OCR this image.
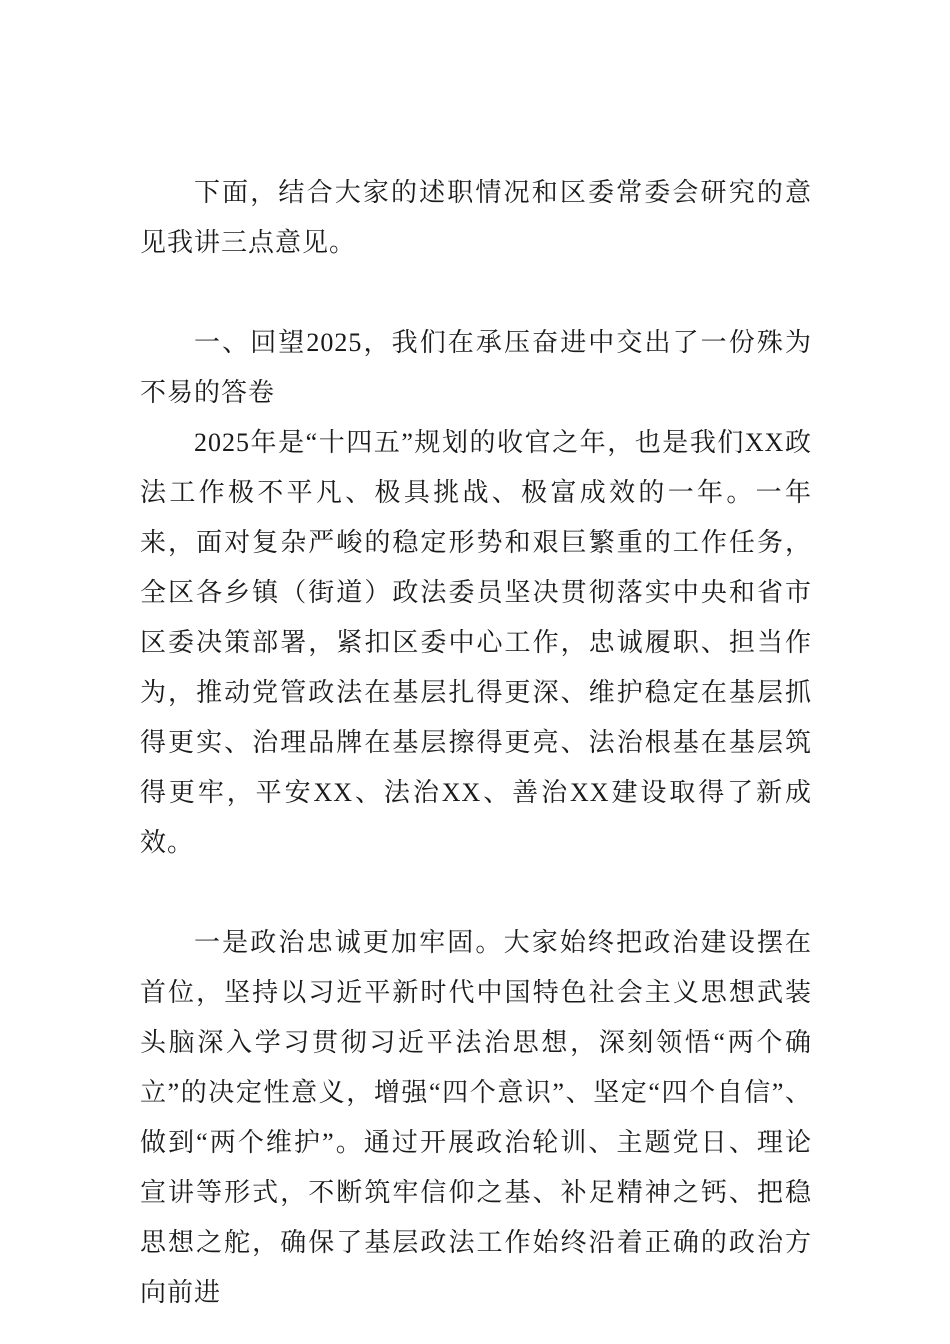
下面，结合大家的述职情况和区委常委会研究的意见我讲三点意见。

一、回望2025，我们在承压奋进中交出了一份殊为不易的答卷

2025年是“十四五”规划的收官之年，也是我们XX政法工作极不平凡、极具挑战、极富成效的一年。一年来，面对复杂严峻的稳定形势和艰巨繁重的工作任务，全区各乡镇（街道）政法委员坚决贯彻落实中央和省市区委决策部署，紧扣区委中心工作，忠诚履职、担当作为，推动党管政法在基层扎得更深、维护稳定在基层抓得更实、治理品牌在基层擦得更亮、法治根基在基层筑得更牢，平安XX、法治XX、善治XX建设取得了新成效。

一是政治忠诚更加牢固。大家始终把政治建设摆在首位，坚持以习近平新时代中国特色社会主义思想武装头脑深入学习贯彻习近平法治思想，深刻领悟“两个确立”的决定性意义，增强“四个意识”、坚定“四个自信”、做到“两个维护”。通过开展政治轮训、主题党日、理论宣讲等形式，不断筑牢信仰之基、补足精神之钙、把稳思想之舵，确保了基层政法工作始终沿着正确的政治方向前进
